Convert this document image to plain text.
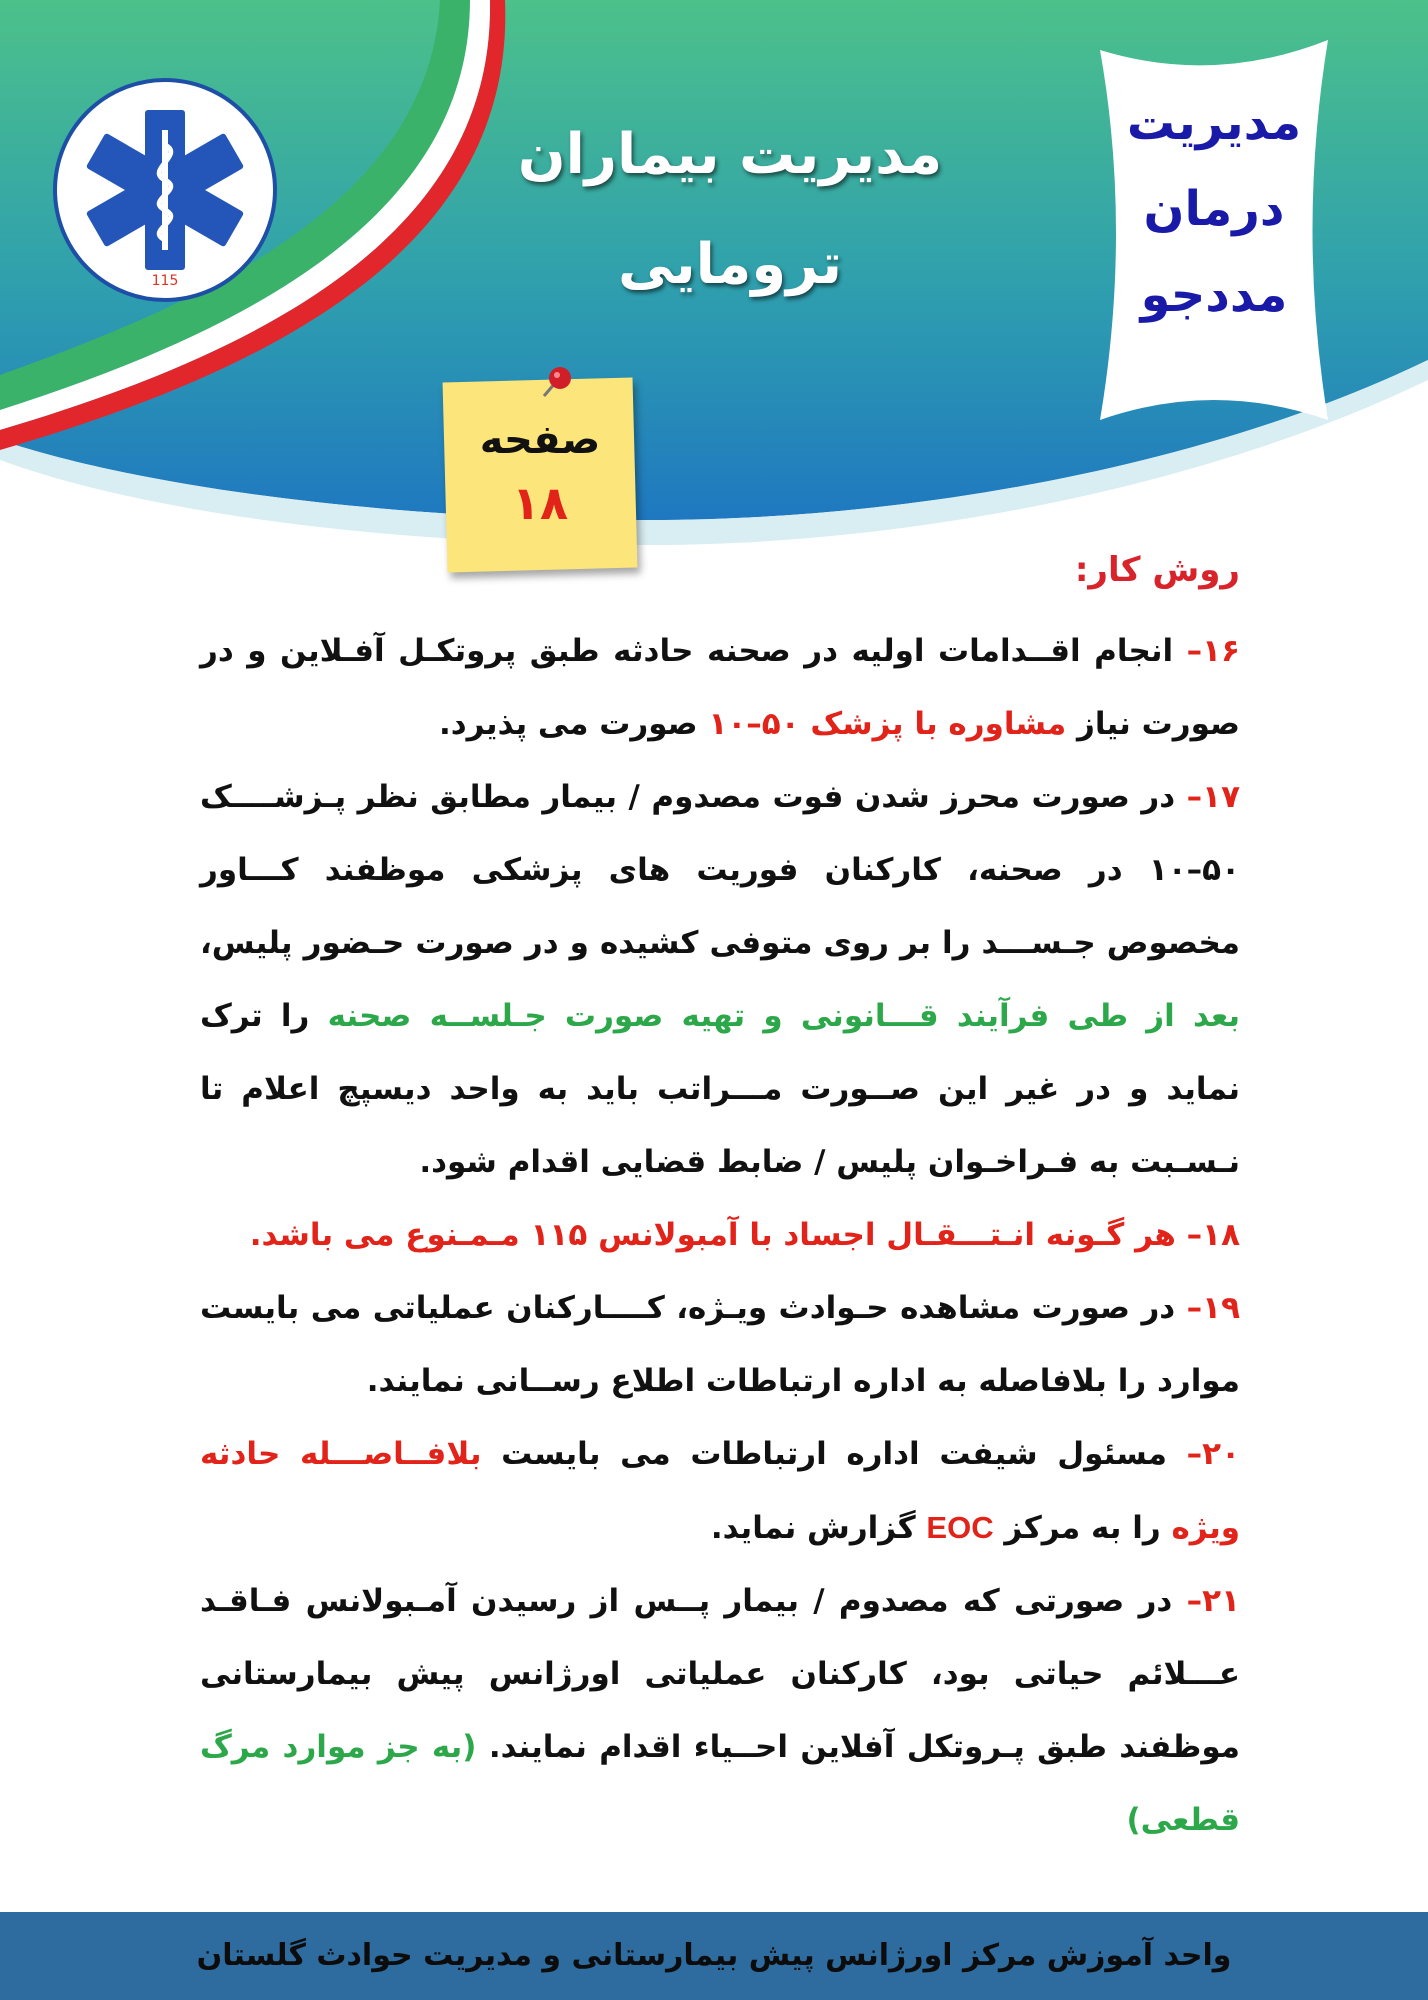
115
مدیریت بیماران
ترومایی
مدیریت
درمان
مددجو
صفحه
۱۸
روش کار:
۱۶– انجام اقــدامات اولیه در صحنه حادثه طبق پروتکـل آفـلاین و در صورت نیاز مشاوره با پزشک ۵۰–۱۰ صورت می پذیرد.
۱۷– در صورت محرز شدن فوت مصدوم / بیمار مطابق نظر پـزشــــک ۵۰–۱۰ در صحنه، کارکنان فوریت های پزشکی موظفند کـــاور مخصوص جـســـد را بر روی متوفی کشیده و در صورت حـضور پلیس، بعد از طی فرآیند قـــانونی و تهیه صورت جـلســه صحنه را ترک نماید و در غیر این صــورت مـــراتب باید به واحد دیسپچ اعلام تا نـسـبت به فـراخـوان پلیس / ضابط قضایی اقدام شود.
۱۸– هر گـونه انـتـــقـال اجساد با آمبولانس ۱۱۵ مـمـنوع می باشد.
۱۹– در صورت مشاهده حـوادث ویـژه، کــــارکنان عملیاتی می بایست موارد را بلافاصله به اداره ارتباطات اطلاع رســانی نمایند.
۲۰– مسئول شیفت اداره ارتباطات می بایست بلافــاصـــله حادثه ویژه را به مرکز EOC گزارش نماید.
۲۱– در صورتی که مصدوم / بیمار پــس از رسیدن آمـبولانس فـاقـد عـــلائم حیاتی بود، کارکنان عملیاتی اورژانس پیش بیمارستانی موظفند طبق پـروتکل آفلاین احــیاء اقدام نمایند. (به جز موارد مرگ قطعی)
واحد آموزش مرکز اورژانس پیش بیمارستانی و مدیریت حوادث گلستان
